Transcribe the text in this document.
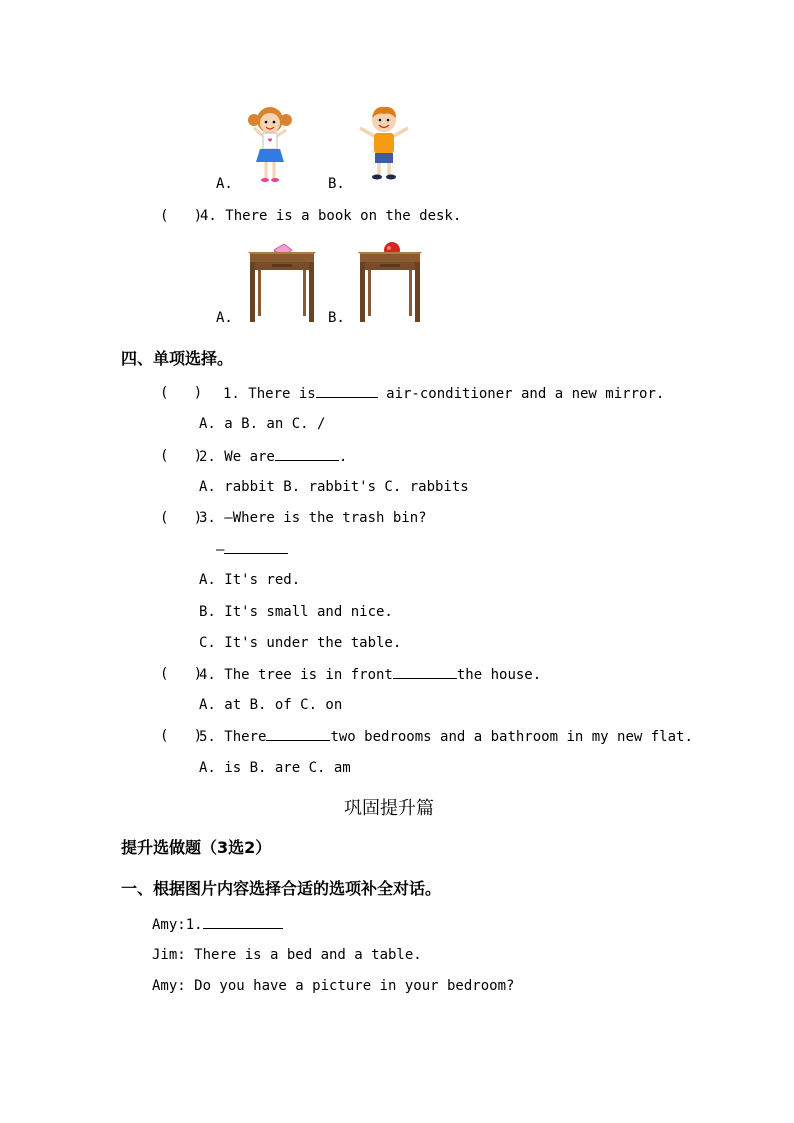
A.	B.
(   )
4. There is a book on the desk.
A.	B.
四、单项选择。
(   ) 1. There is	air-conditioner and a new mirror.
A. a B. an C. /
(   )
2. We are	.
A. rabbit B. rabbit's C. rabbits
(   )
3. —Where is the trash bin?
—
A. It's red.
B. It's small and nice.
C. It's under the table.
(   )
4. The tree is in front	the house.
A. at B. of C. on
(   )
5. There	two bedrooms and a bathroom in my new flat.
A. is B. are C. am
巩固提升篇
提升选做题（3选2）
一、根据图片内容选择合适的选项补全对话。
Amy:1.
Jim: There is a bed and a table.
Amy: Do you have a picture in your bedroom?
